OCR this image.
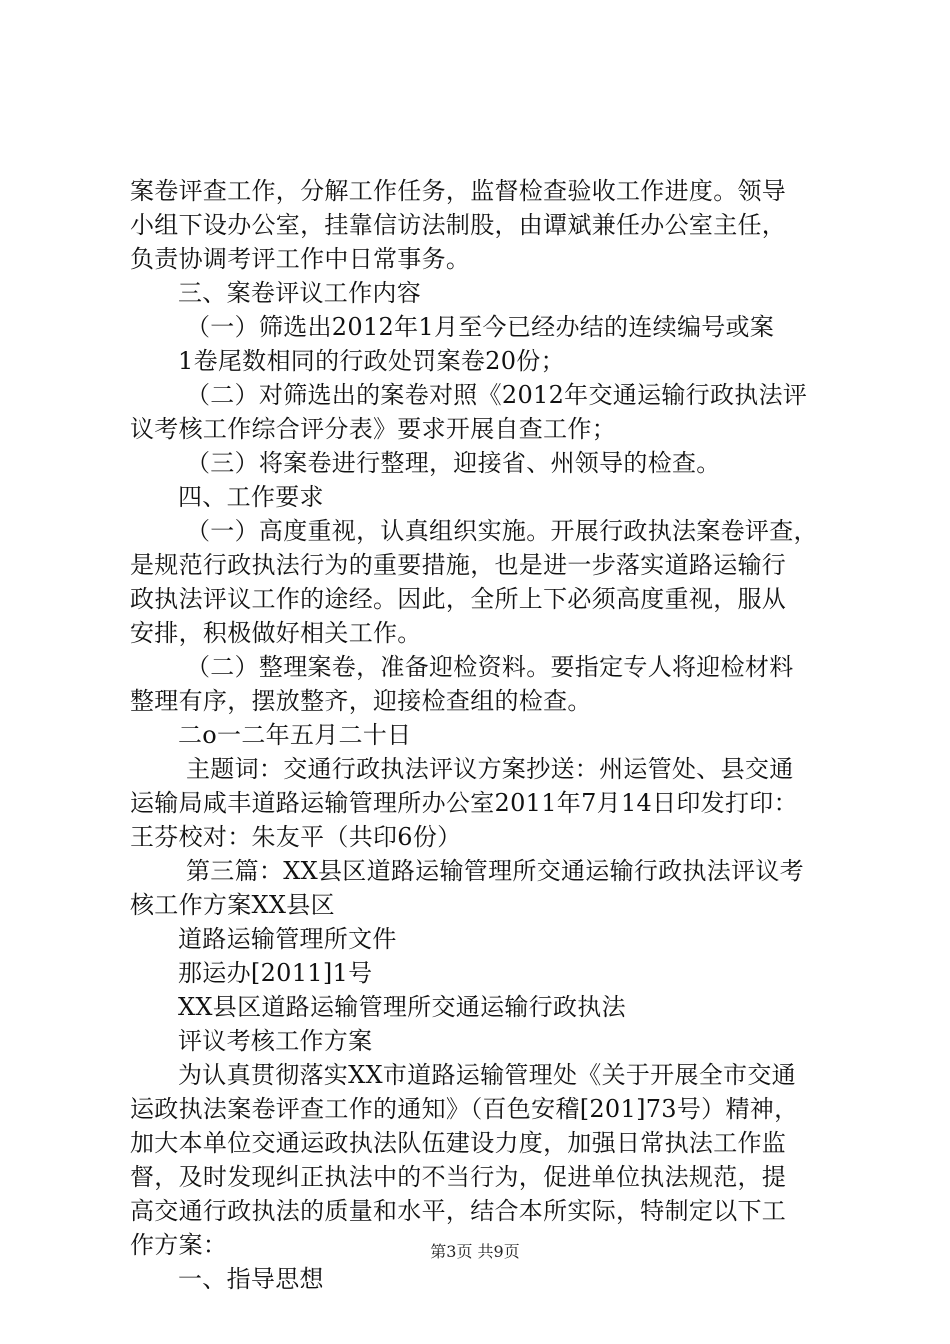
案卷评查工作，分解工作任务，监督检查验收工作进度。领导
小组下设办公室，挂靠信访法制股，由谭斌兼任办公室主任，
负责协调考评工作中日常事务。
三、案卷评议工作内容
（一）筛选出2012年1月至今已经办结的连续编号或案
1卷尾数相同的行政处罚案卷20份；
（二）对筛选出的案卷对照《2012年交通运输行政执法评
议考核工作综合评分表》要求开展自查工作；
（三）将案卷进行整理，迎接省、州领导的检查。
四、工作要求
（一）高度重视，认真组织实施。开展行政执法案卷评查，
是规范行政执法行为的重要措施，也是进一步落实道路运输行
政执法评议工作的途经。因此，全所上下必须高度重视，服从
安排，积极做好相关工作。
（二）整理案卷，准备迎检资料。要指定专人将迎检材料
整理有序，摆放整齐，迎接检查组的检查。
二o一二年五月二十日
主题词：交通行政执法评议方案抄送：州运管处、县交通
运输局咸丰道路运输管理所办公室2011年7月14日印发打印：
王芬校对：朱友平（共印6份）
第三篇：XX县区道路运输管理所交通运输行政执法评议考
核工作方案XX县区
道路运输管理所文件
那运办[2011]1号
XX县区道路运输管理所交通运输行政执法
评议考核工作方案
为认真贯彻落实XX市道路运输管理处《关于开展全市交通
运政执法案卷评查工作的通知》（百色安稽[201]73号）精神，
加大本单位交通运政执法队伍建设力度，加强日常执法工作监
督，及时发现纠正执法中的不当行为，促进单位执法规范，提
高交通行政执法的质量和水平，结合本所实际，特制定以下工
作方案：
一、指导思想
第3页 共9页
